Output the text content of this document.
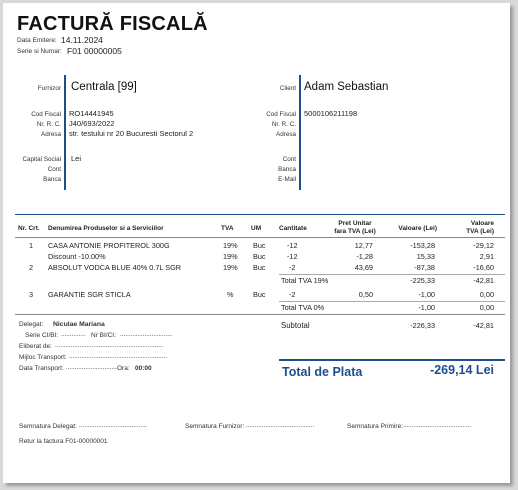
FACTURĂ FISCALĂ
Data Emitere: 14.11.2024
Serie si Numar: F01 00000005
Furnizor Centrala [99]
Cod Fiscal RO14441945
Nr. R. C. J40/693/2022
Adresa str. testului nr 20 Bucuresti Sectorul 2
Capital Social Lei
Cont
Banca
Client Adam Sebastian
Cod Fiscal 5000106211198
Nr. R. C.
Adresa
Cont
Banca
E-Mail
Nr. Crt. Denumirea Produselor si a Serviciilor	TVA	UM	Cantitate
Pret Unitar
fara TVA (Lei)	Valoare (Lei)
Valoare
TVA (Lei)
1 CASA ANTONIE PROFITEROL 300G	19% Buc	-12	12,77	-153,28	-29,12
Discount -10.00%	19% Buc	-12	-1,28	15,33	2,91
2 ABSOLUT VODCA BLUE 40% 0.7L SGR	19% Buc	-2	43,69	-87,38	-16,60
Total TVA 19%	-225,33	-42,81
3 GARANTIE SGR STICLA	%	Buc	-2	0,50	-1,00	0,00
Total TVA 0%	-1,00	0,00
Subtotal	-226,33	-42,81
Total de Plata	-269,14 Lei
Delegat: Niculae Mariana
Serie CI/BI: .............. Nr BI/CI: ..............................
Eliberat de: ..............................................................
Mijloc Transport: ........................................................
Data Transport: ..............................
Ora: 00:00
Semnatura Delegat: .......................................	Semnatura Furnizor: .......................................	Semnatura Primire: .......................................
Retur la factura F01-00000001
